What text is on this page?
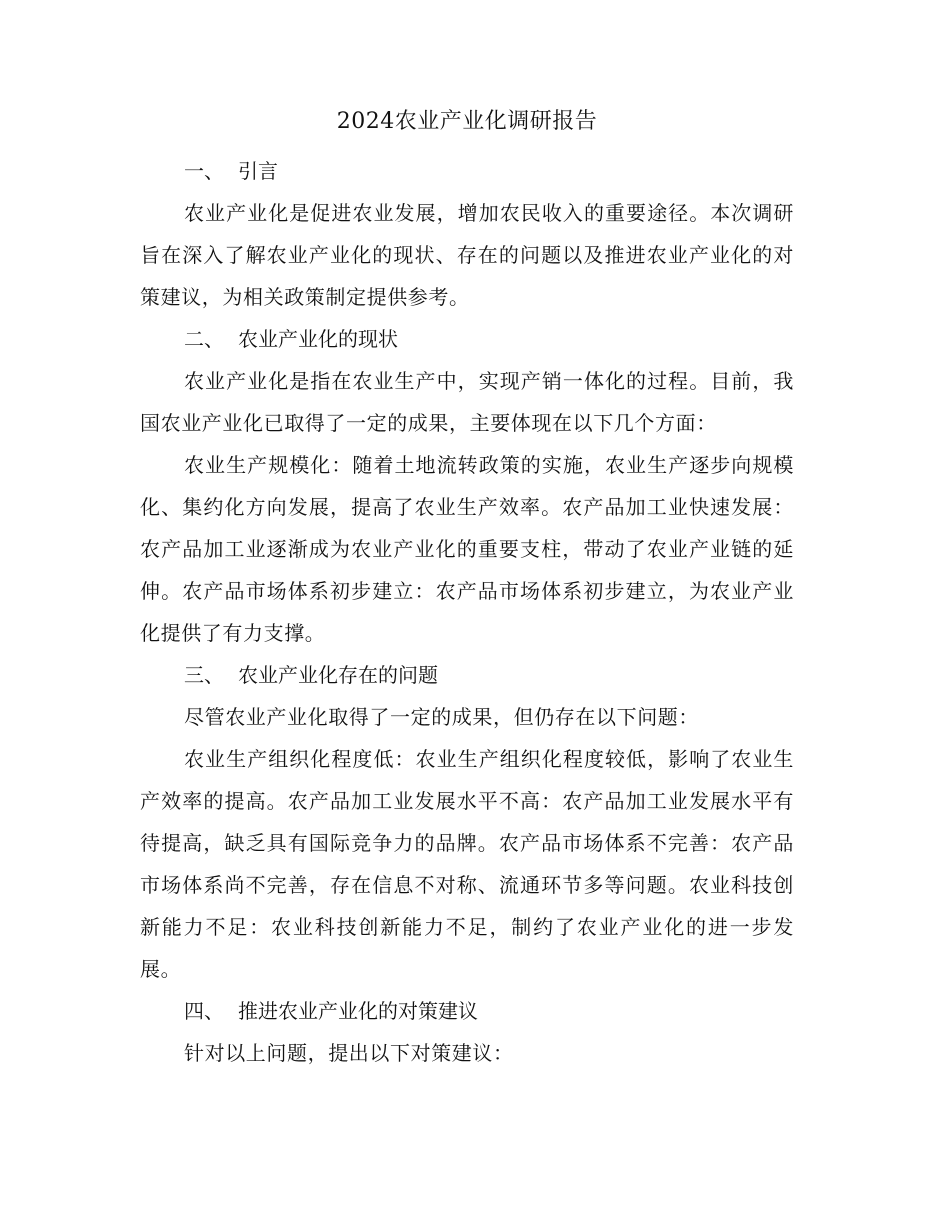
2024农业产业化调研报告

一、 引言

农业产业化是促进农业发展，增加农民收入的重要途径。本次调研旨在深入了解农业产业化的现状、存在的问题以及推进农业产业化的对策建议，为相关政策制定提供参考。

二、 农业产业化的现状

农业产业化是指在农业生产中，实现产销一体化的过程。目前，我国农业产业化已取得了一定的成果，主要体现在以下几个方面：

农业生产规模化：随着土地流转政策的实施，农业生产逐步向规模化、集约化方向发展，提高了农业生产效率。农产品加工业快速发展：农产品加工业逐渐成为农业产业化的重要支柱，带动了农业产业链的延伸。农产品市场体系初步建立：农产品市场体系初步建立，为农业产业化提供了有力支撑。

三、 农业产业化存在的问题

尽管农业产业化取得了一定的成果，但仍存在以下问题：

农业生产组织化程度低：农业生产组织化程度较低，影响了农业生产效率的提高。农产品加工业发展水平不高：农产品加工业发展水平有待提高，缺乏具有国际竞争力的品牌。农产品市场体系不完善：农产品市场体系尚不完善，存在信息不对称、流通环节多等问题。农业科技创新能力不足：农业科技创新能力不足，制约了农业产业化的进一步发展。

四、 推进农业产业化的对策建议

针对以上问题，提出以下对策建议：
